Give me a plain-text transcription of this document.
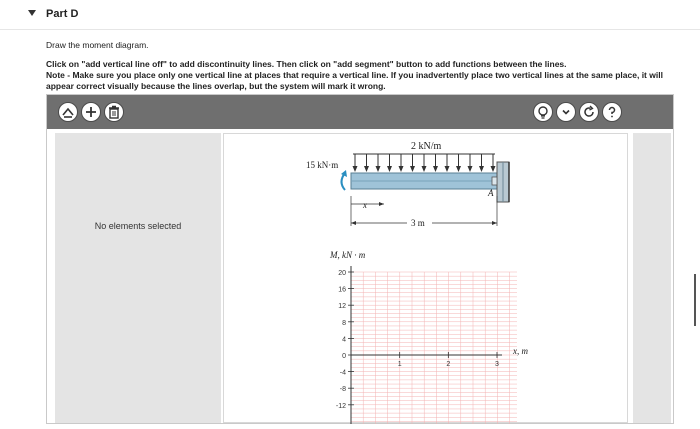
Part D
Draw the moment diagram.
Click on "add vertical line off" to add discontinuity lines. Then click on "add segment" button to add functions between the lines.
Note - Make sure you place only one vertical line at places that require a vertical line. If you inadvertently place two vertical lines at the same place, it will appear correct visually because the lines overlap, but the system will mark it wrong.
No elements selected
2 kN/m
15 kN·m
A
x
3 m
M, kN · m
20
16
12
8
4
0
-4
-8
-12
1	2	3
x, m
